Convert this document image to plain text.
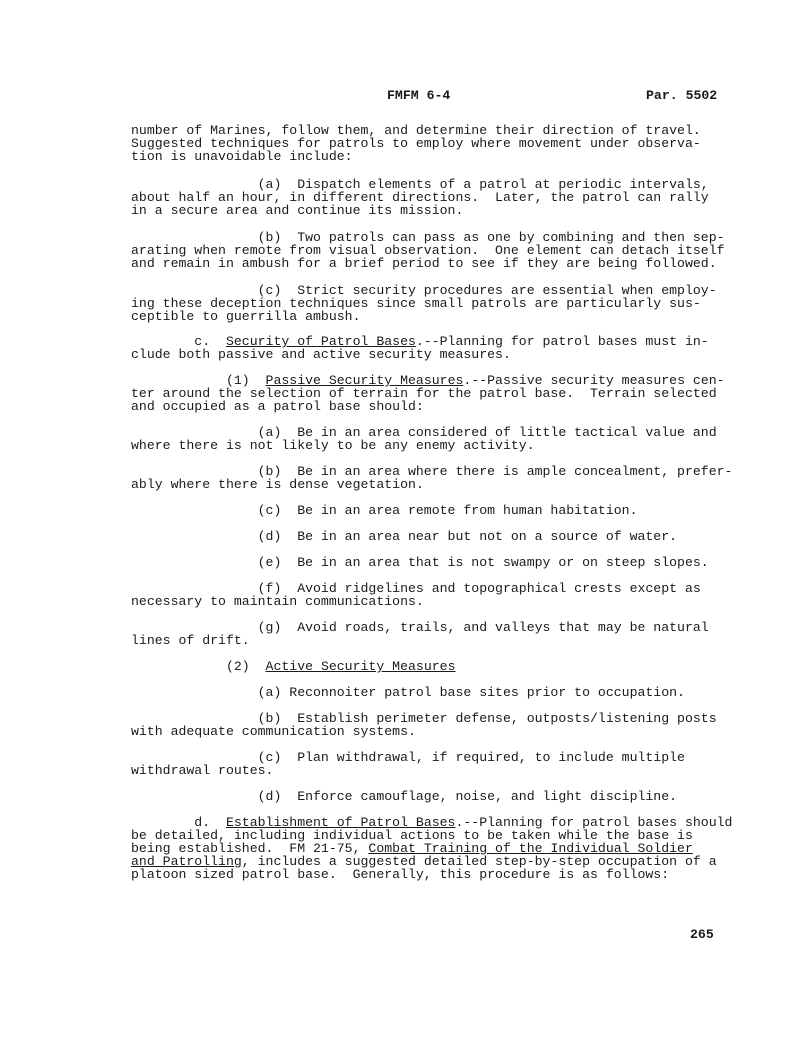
FMFM 6-4	Par. 5502

number of Marines, follow them, and determine their direction of travel.
Suggested techniques for patrols to employ where movement under observa-
tion is unavoidable include:

(a)  Dispatch elements of a patrol at periodic intervals,
about half an hour, in different directions.  Later, the patrol can rally
in a secure area and continue its mission.

(b)  Two patrols can pass as one by combining and then sep-
arating when remote from visual observation.  One element can detach itself
and remain in ambush for a brief period to see if they are being followed.

(c)  Strict security procedures are essential when employ-
ing these deception techniques since small patrols are particularly sus-
ceptible to guerrilla ambush.

c.  Security of Patrol Bases.--Planning for patrol bases must in-
clude both passive and active security measures.

(1)  Passive Security Measures.--Passive security measures cen-
ter around the selection of terrain for the patrol base.  Terrain selected
and occupied as a patrol base should:

(a)  Be in an area considered of little tactical value and
where there is not likely to be any enemy activity.

(b)  Be in an area where there is ample concealment, prefer-
ably where there is dense vegetation.

(c)  Be in an area remote from human habitation.

(d)  Be in an area near but not on a source of water.

(e)  Be in an area that is not swampy or on steep slopes.

(f)  Avoid ridgelines and topographical crests except as
necessary to maintain communications.

(g)  Avoid roads, trails, and valleys that may be natural
lines of drift.

(2)  Active Security Measures

(a) Reconnoiter patrol base sites prior to occupation.

(b)  Establish perimeter defense, outposts/listening posts
with adequate communication systems.

(c)  Plan withdrawal, if required, to include multiple
withdrawal routes.

(d)  Enforce camouflage, noise, and light discipline.

d.  Establishment of Patrol Bases.--Planning for patrol bases should
be detailed, including individual actions to be taken while the base is
being established.  FM 21-75, Combat Training of the Individual Soldier
and Patrolling, includes a suggested detailed step-by-step occupation of a
platoon sized patrol base.  Generally, this procedure is as follows:

265
